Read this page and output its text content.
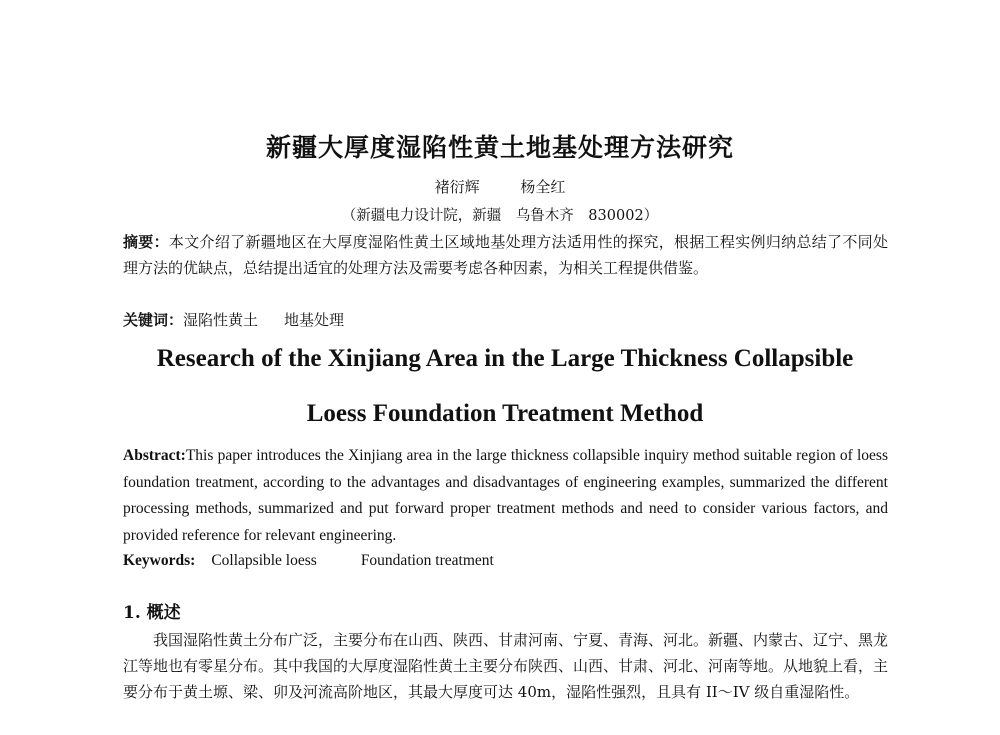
新疆大厚度湿陷性黄土地基处理方法研究
褚衍辉	杨全红
（新疆电力设计院，新疆　乌鲁木齐　830002）
摘要：本文介绍了新疆地区在大厚度湿陷性黄土区域地基处理方法适用性的探究，根据工程实例归纳总结了不同处理方法的优缺点，总结提出适宜的处理方法及需要考虑各种因素，为相关工程提供借鉴。
关键词：湿陷性黄土 地基处理
Research of the Xinjiang Area in the Large Thickness Collapsible
Loess Foundation Treatment Method
Abstract:This paper introduces the Xinjiang area in the large thickness collapsible inquiry method suitable region of loess foundation treatment, according to the advantages and disadvantages of engineering examples, summarized the different processing methods, summarized and put forward proper treatment methods and need to consider various factors, and provided reference for relevant engineering.
Keywords: Collapsible loess	Foundation treatment
1. 概述
我国湿陷性黄土分布广泛，主要分布在山西、陕西、甘肃河南、宁夏、青海、河北。新疆、内蒙古、辽宁、黑龙江等地也有零星分布。其中我国的大厚度湿陷性黄土主要分布陕西、山西、甘肃、河北、河南等地。从地貌上看，主要分布于黄土塬、梁、卯及河流高阶地区，其最大厚度可达 40m，湿陷性强烈，且具有 II～IV 级自重湿陷性。
